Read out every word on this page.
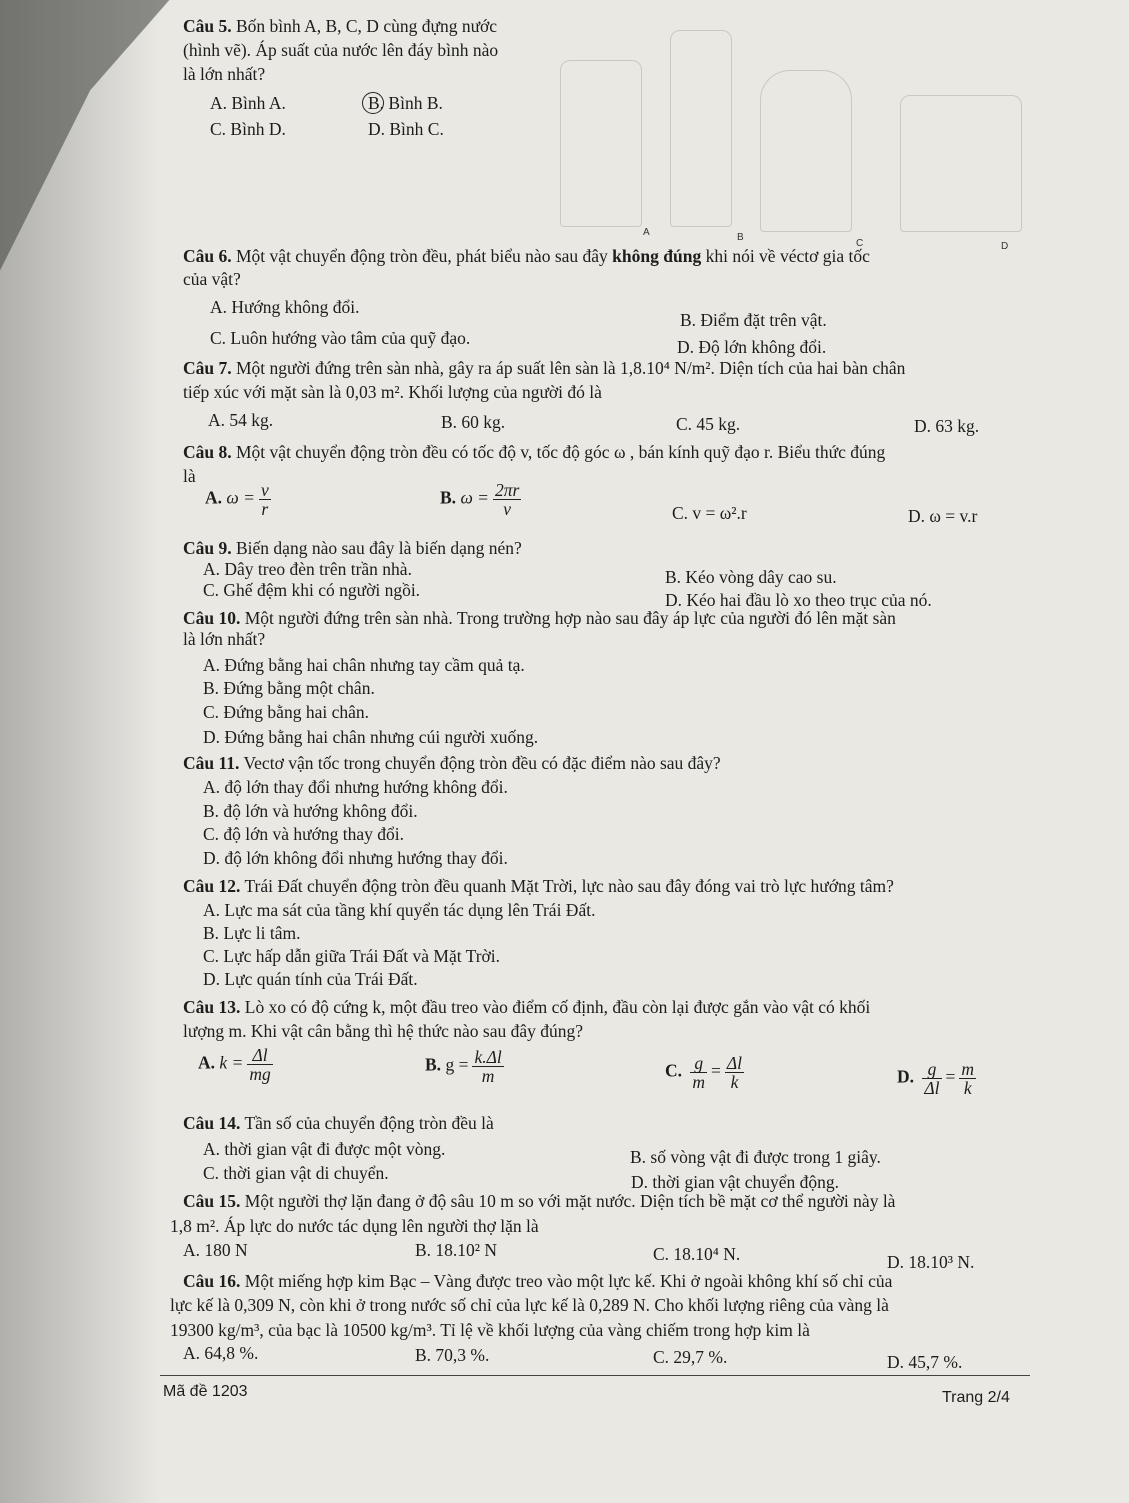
Câu 5. Bốn bình A, B, C, D cùng đựng nước
(hình vẽ). Áp suất của nước lên đáy bình nào
là lớn nhất?
A. Bình A.	B. Bình B.
C. Bình D.	D. Bình C.
A	B
C	D
Câu 6. Một vật chuyển động tròn đều, phát biểu nào sau đây không đúng khi nói về véctơ gia tốc
của vật?
A. Hướng không đổi.
B. Điểm đặt trên vật.
C. Luôn hướng vào tâm của quỹ đạo.	D. Độ lớn không đổi.
Câu 7. Một người đứng trên sàn nhà, gây ra áp suất lên sàn là 1,8.10⁴ N/m². Diện tích của hai bàn chân
tiếp xúc với mặt sàn là 0,03 m². Khối lượng của người đó là
A. 54 kg.	B. 60 kg.	C. 45 kg.	D. 63 kg.
Câu 8. Một vật chuyển động tròn đều có tốc độ v, tốc độ góc ω , bán kính quỹ đạo r. Biểu thức đúng
là
A. $\omega = \frac{v}{r}$	B. $\omega = \frac{2\pi r}{v}$	C. v = ω².r	D. ω = v.r
Câu 9. Biến dạng nào sau đây là biến dạng nén?
A. Dây treo đèn trên trần nhà.	B. Kéo vòng dây cao su.
C. Ghế đệm khi có người ngồi.	D. Kéo hai đầu lò xo theo trục của nó.
Câu 10. Một người đứng trên sàn nhà. Trong trường hợp nào sau đây áp lực của người đó lên mặt sàn
là lớn nhất?
A. Đứng bằng hai chân nhưng tay cầm quả tạ.
B. Đứng bằng một chân.
C. Đứng bằng hai chân.
D. Đứng bằng hai chân nhưng cúi người xuống.
Câu 11. Vectơ vận tốc trong chuyển động tròn đều có đặc điểm nào sau đây?
A. độ lớn thay đổi nhưng hướng không đổi.
B. độ lớn và hướng không đổi.
C. độ lớn và hướng thay đổi.
D. độ lớn không đổi nhưng hướng thay đổi.
Câu 12. Trái Đất chuyển động tròn đều quanh Mặt Trời, lực nào sau đây đóng vai trò lực hướng tâm?
A. Lực ma sát của tầng khí quyển tác dụng lên Trái Đất.
B. Lực li tâm.
C. Lực hấp dẫn giữa Trái Đất và Mặt Trời.
D. Lực quán tính của Trái Đất.
Câu 13. Lò xo có độ cứng k, một đầu treo vào điểm cố định, đầu còn lại được gắn vào vật có khối
lượng m. Khi vật cân bằng thì hệ thức nào sau đây đúng?
A. $k = \frac{\Delta l}{mg}$	B. $g = \frac{k.\Delta l}{m}$	C. $\frac{g}{m} = \frac{\Delta l}{k}$	D. $\frac{g}{\Delta l} = \frac{m}{k}$
Câu 14. Tần số của chuyển động tròn đều là
A. thời gian vật đi được một vòng.	B. số vòng vật đi được trong 1 giây.
C. thời gian vật di chuyển.	D. thời gian vật chuyển động.
Câu 15. Một người thợ lặn đang ở độ sâu 10 m so với mặt nước. Diện tích bề mặt cơ thể người này là
1,8 m². Áp lực do nước tác dụng lên người thợ lặn là
A. 180 N	B. 18.10² N	C. 18.10⁴ N.	D. 18.10³ N.
Câu 16. Một miếng hợp kim Bạc – Vàng được treo vào một lực kế. Khi ở ngoài không khí số chỉ của
lực kế là 0,309 N, còn khi ở trong nước số chỉ của lực kế là 0,289 N. Cho khối lượng riêng của vàng là
19300 kg/m³, của bạc là 10500 kg/m³. Tỉ lệ về khối lượng của vàng chiếm trong hợp kim là
A. 64,8 %.	B. 70,3 %.	C. 29,7 %.	D. 45,7 %.
Mã đề 1203	Trang 2/4
